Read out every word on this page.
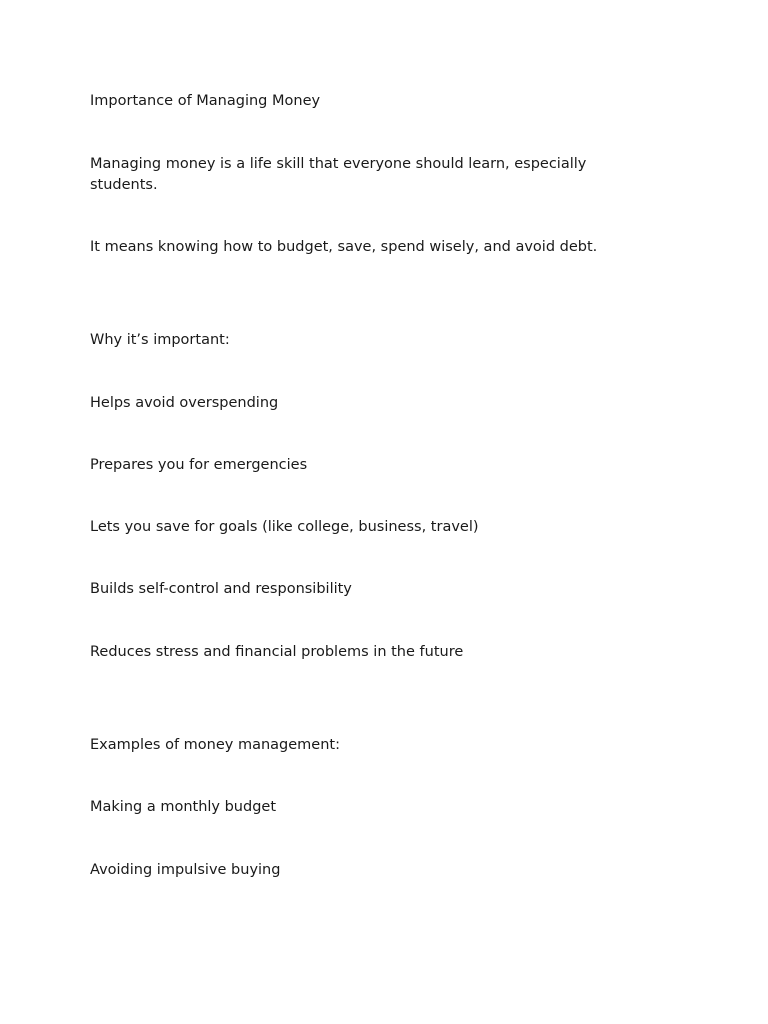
Importance of Managing Money

Managing money is a life skill that everyone should learn, especially students.

It means knowing how to budget, save, spend wisely, and avoid debt.

Why it’s important:

Helps avoid overspending

Prepares you for emergencies

Lets you save for goals (like college, business, travel)

Builds self-control and responsibility

Reduces stress and financial problems in the future

Examples of money management:

Making a monthly budget

Avoiding impulsive buying
